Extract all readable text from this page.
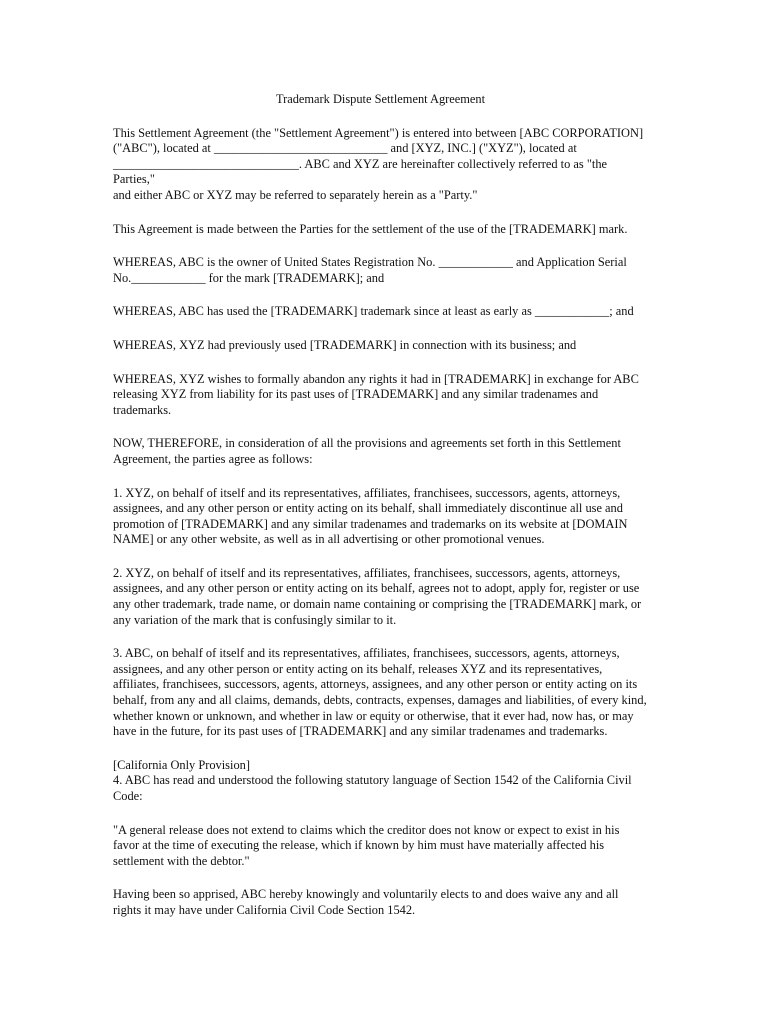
Trademark Dispute Settlement Agreement
This Settlement Agreement (the "Settlement Agreement") is entered into between [ABC CORPORATION]
("ABC"), located at ____________________________ and [XYZ, INC.] ("XYZ"), located at
______________________________. ABC and XYZ are hereinafter collectively referred to as "the Parties,"
and either ABC or XYZ may be referred to separately herein as a "Party."
This Agreement is made between the Parties for the settlement of the use of the [TRADEMARK] mark.
WHEREAS, ABC is the owner of United States Registration No. ____________ and Application Serial
No.____________ for the mark [TRADEMARK]; and
WHEREAS, ABC has used the [TRADEMARK] trademark since at least as early as ____________; and
WHEREAS, XYZ had previously used [TRADEMARK] in connection with its business; and
WHEREAS, XYZ wishes to formally abandon any rights it had in [TRADEMARK] in exchange for ABC
releasing XYZ from liability for its past uses of [TRADEMARK] and any similar tradenames and
trademarks.
NOW, THEREFORE, in consideration of all the provisions and agreements set forth in this Settlement
Agreement, the parties agree as follows:
1. XYZ, on behalf of itself and its representatives, affiliates, franchisees, successors, agents, attorneys,
assignees, and any other person or entity acting on its behalf, shall immediately discontinue all use and
promotion of [TRADEMARK] and any similar tradenames and trademarks on its website at [DOMAIN
NAME] or any other website, as well as in all advertising or other promotional venues.
2. XYZ, on behalf of itself and its representatives, affiliates, franchisees, successors, agents, attorneys,
assignees, and any other person or entity acting on its behalf, agrees not to adopt, apply for, register or use
any other trademark, trade name, or domain name containing or comprising the [TRADEMARK] mark, or
any variation of the mark that is confusingly similar to it.
3. ABC, on behalf of itself and its representatives, affiliates, franchisees, successors, agents, attorneys,
assignees, and any other person or entity acting on its behalf, releases XYZ and its representatives,
affiliates, franchisees, successors, agents, attorneys, assignees, and any other person or entity acting on its
behalf, from any and all claims, demands, debts, contracts, expenses, damages and liabilities, of every kind,
whether known or unknown, and whether in law or equity or otherwise, that it ever had, now has, or may
have in the future, for its past uses of [TRADEMARK] and any similar tradenames and trademarks.
[California Only Provision]
4. ABC has read and understood the following statutory language of Section 1542 of the California Civil
Code:
"A general release does not extend to claims which the creditor does not know or expect to exist in his
favor at the time of executing the release, which if known by him must have materially affected his
settlement with the debtor."
Having been so apprised, ABC hereby knowingly and voluntarily elects to and does waive any and all
rights it may have under California Civil Code Section 1542.
